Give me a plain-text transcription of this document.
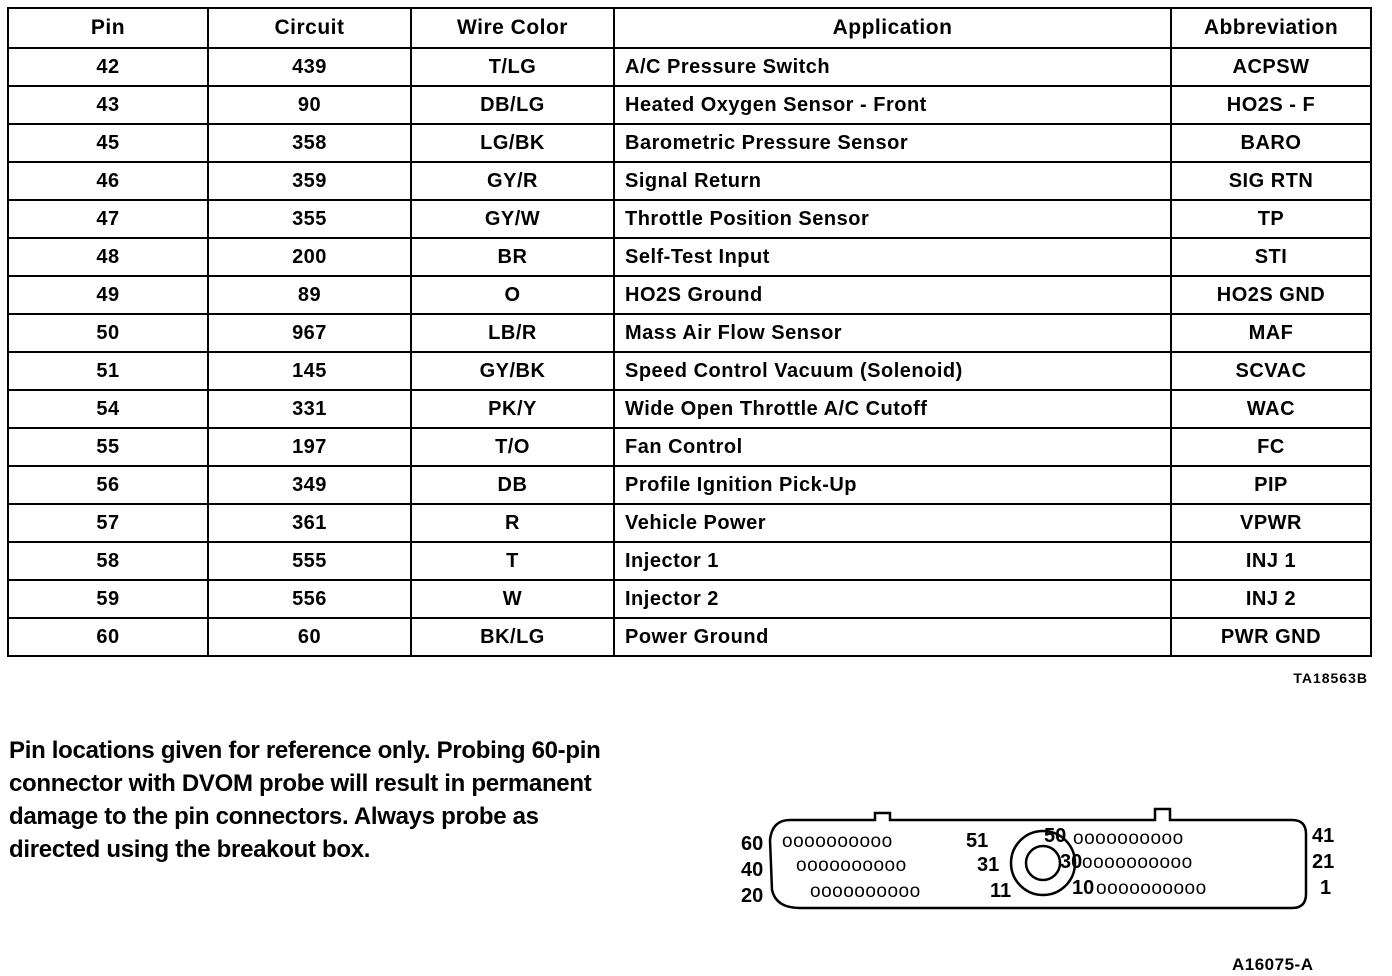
Pin	Circuit	Wire Color	Application	Abbreviation
42	439	T/LG	A/C Pressure Switch	ACPSW
43	90	DB/LG	Heated Oxygen Sensor - Front	HO2S - F
45	358	LG/BK	Barometric Pressure Sensor	BARO
46	359	GY/R	Signal Return	SIG RTN
47	355	GY/W	Throttle Position Sensor	TP
48	200	BR	Self-Test Input	STI
49	89	O	HO2S Ground	HO2S GND
50	967	LB/R	Mass Air Flow Sensor	MAF
51	145	GY/BK	Speed Control Vacuum (Solenoid)	SCVAC
54	331	PK/Y	Wide Open Throttle A/C Cutoff	WAC
55	197	T/O	Fan Control	FC
56	349	DB	Profile Ignition Pick-Up	PIP
57	361	R	Vehicle Power	VPWR
58	555	T	Injector 1	INJ 1
59	556	W	Injector 2	INJ 2
60	60	BK/LG	Power Ground	PWR GND
TA18563B
Pin locations given for reference only. Probing 60-pin
connector with DVOM probe will result in permanent
damage to the pin connectors. Always probe as
directed using the breakout box.	60
40
20
41
21
1
oooooooooo	51
oooooooooo	31
oooooooooo	11
50 oooooooooo
30 oooooooooo
10 oooooooooo
A16075-A
